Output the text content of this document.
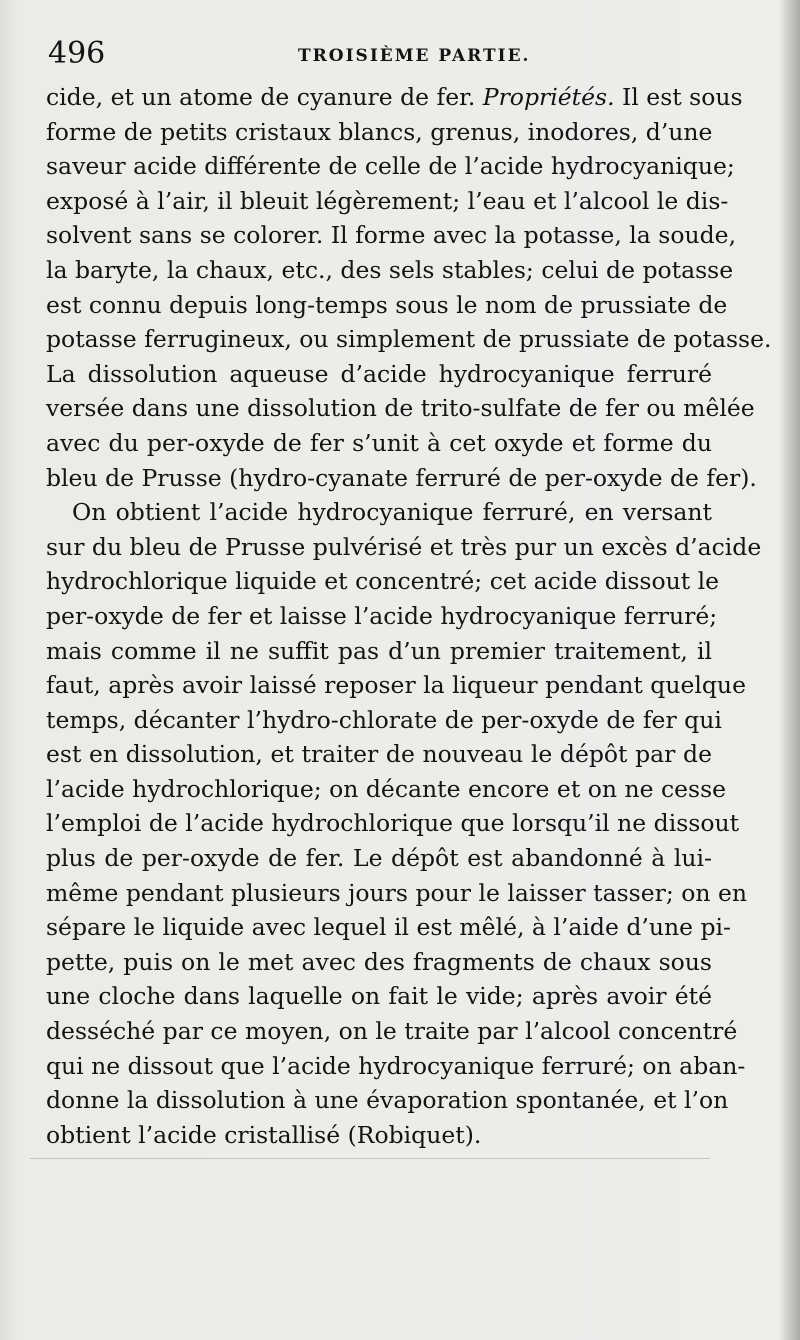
496	TROISIÈME PARTIE.
cide, et un atome de cyanure de fer. Propriétés. Il est sous
forme de petits cristaux blancs, grenus, inodores, d’une
saveur acide différente de celle de l’acide hydrocyanique;
exposé à l’air, il bleuit légèrement; l’eau et l’alcool le dis-
solvent sans se colorer. Il forme avec la potasse, la soude,
la baryte, la chaux, etc., des sels stables; celui de potasse
est connu depuis long-temps sous le nom de prussiate de
potasse ferrugineux, ou simplement de prussiate de potasse.
La dissolution aqueuse d’acide hydrocyanique ferruré
versée dans une dissolution de trito-sulfate de fer ou mêlée
avec du per-oxyde de fer s’unit à cet oxyde et forme du
bleu de Prusse (hydro-cyanate ferruré de per-oxyde de fer).
On obtient l’acide hydrocyanique ferruré, en versant
sur du bleu de Prusse pulvérisé et très pur un excès d’acide
hydrochlorique liquide et concentré; cet acide dissout le
per-oxyde de fer et laisse l’acide hydrocyanique ferruré;
mais comme il ne suffit pas d’un premier traitement, il
faut, après avoir laissé reposer la liqueur pendant quelque
temps, décanter l’hydro-chlorate de per-oxyde de fer qui
est en dissolution, et traiter de nouveau le dépôt par de
l’acide hydrochlorique; on décante encore et on ne cesse
l’emploi de l’acide hydrochlorique que lorsqu’il ne dissout
plus de per-oxyde de fer. Le dépôt est abandonné à lui-
même pendant plusieurs jours pour le laisser tasser; on en
sépare le liquide avec lequel il est mêlé, à l’aide d’une pi-
pette, puis on le met avec des fragments de chaux sous
une cloche dans laquelle on fait le vide; après avoir été
desséché par ce moyen, on le traite par l’alcool concentré
qui ne dissout que l’acide hydrocyanique ferruré; on aban-
donne la dissolution à une évaporation spontanée, et l’on
obtient l’acide cristallisé (Robiquet).
